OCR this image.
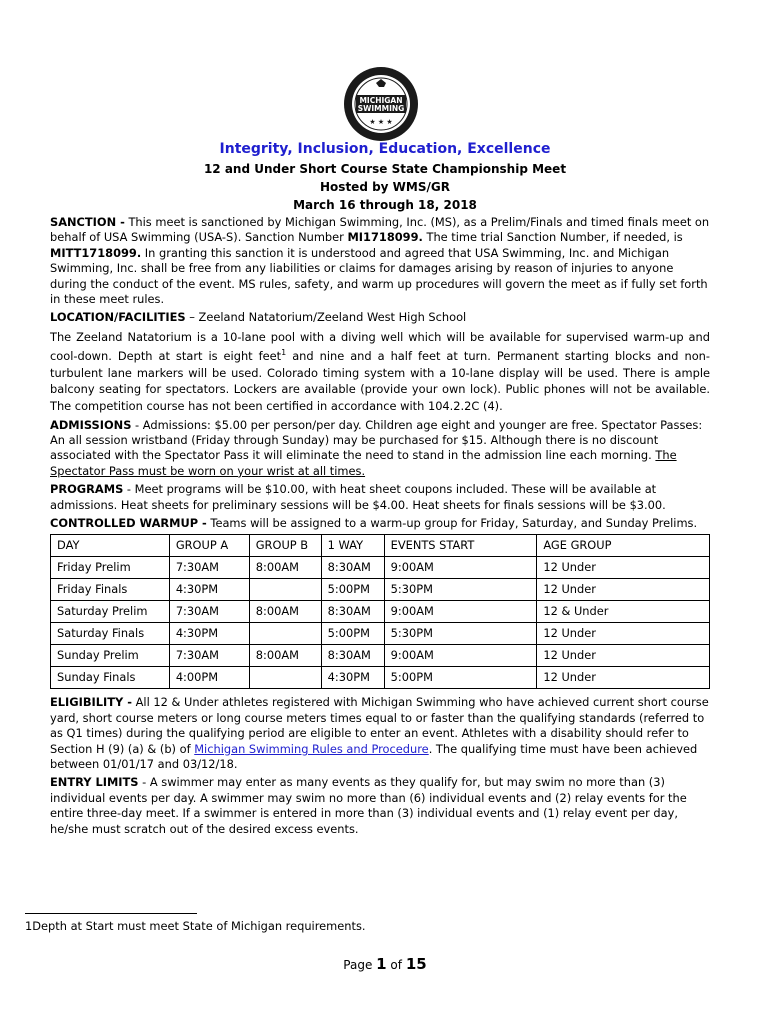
MICHIGAN
SWIMMING
★ ★ ★
Integrity, Inclusion, Education, Excellence
12 and Under Short Course State Championship Meet
Hosted by WMS/GR
March 16 through 18, 2018

SANCTION - This meet is sanctioned by Michigan Swimming, Inc. (MS), as a Prelim/Finals and timed finals meet on behalf of USA Swimming (USA-S). Sanction Number MI1718099. The time trial Sanction Number, if needed, is MITT1718099. In granting this sanction it is understood and agreed that USA Swimming, Inc. and Michigan Swimming, Inc. shall be free from any liabilities or claims for damages arising by reason of injuries to anyone during the conduct of the event. MS rules, safety, and warm up procedures will govern the meet as if fully set forth in these meet rules.

LOCATION/FACILITIES – Zeeland Natatorium/Zeeland West High School

The Zeeland Natatorium is a 10-lane pool with a diving well which will be available for supervised warm-up and cool-down. Depth at start is eight feet$^1$ and nine and a half feet at turn. Permanent starting blocks and non-turbulent lane markers will be used. Colorado timing system with a 10-lane display will be used. There is ample balcony seating for spectators. Lockers are available (provide your own lock). Public phones will not be available. The competition course has not been certified in accordance with 104.2.2C (4).

ADMISSIONS - Admissions: $5.00 per person/per day. Children age eight and younger are free. Spectator Passes: An all session wristband (Friday through Sunday) may be purchased for $15. Although there is no discount associated with the Spectator Pass it will eliminate the need to stand in the admission line each morning. The Spectator Pass must be worn on your wrist at all times.

PROGRAMS - Meet programs will be $10.00, with heat sheet coupons included. These will be available at admissions. Heat sheets for preliminary sessions will be $4.00. Heat sheets for finals sessions will be $3.00.

CONTROLLED WARMUP - Teams will be assigned to a warm-up group for Friday, Saturday, and Sunday Prelims.

DAY	GROUP A	GROUP B	1 WAY	EVENTS START	AGE GROUP
Friday Prelim	7:30AM	8:00AM	8:30AM	9:00AM	12 Under
Friday Finals	4:30PM		5:00PM	5:30PM	12 Under
Saturday Prelim	7:30AM	8:00AM	8:30AM	9:00AM	12 & Under
Saturday Finals	4:30PM		5:00PM	5:30PM	12 Under
Sunday Prelim	7:30AM	8:00AM	8:30AM	9:00AM	12 Under
Sunday Finals	4:00PM		4:30PM	5:00PM	12 Under

ELIGIBILITY - All 12 & Under athletes registered with Michigan Swimming who have achieved current short course yard, short course meters or long course meters times equal to or faster than the qualifying standards (referred to as Q1 times) during the qualifying period are eligible to enter an event. Athletes with a disability should refer to Section H (9) (a) & (b) of Michigan Swimming Rules and Procedure. The qualifying time must have been achieved between 01/01/17 and 03/12/18.

ENTRY LIMITS - A swimmer may enter as many events as they qualify for, but may swim no more than (3) individual events per day. A swimmer may swim no more than (6) individual events and (2) relay events for the entire three-day meet. If a swimmer is entered in more than (3) individual events and (1) relay event per day, he/she must scratch out of the desired excess events.

1Depth at Start must meet State of Michigan requirements.
Page 1 of 15
